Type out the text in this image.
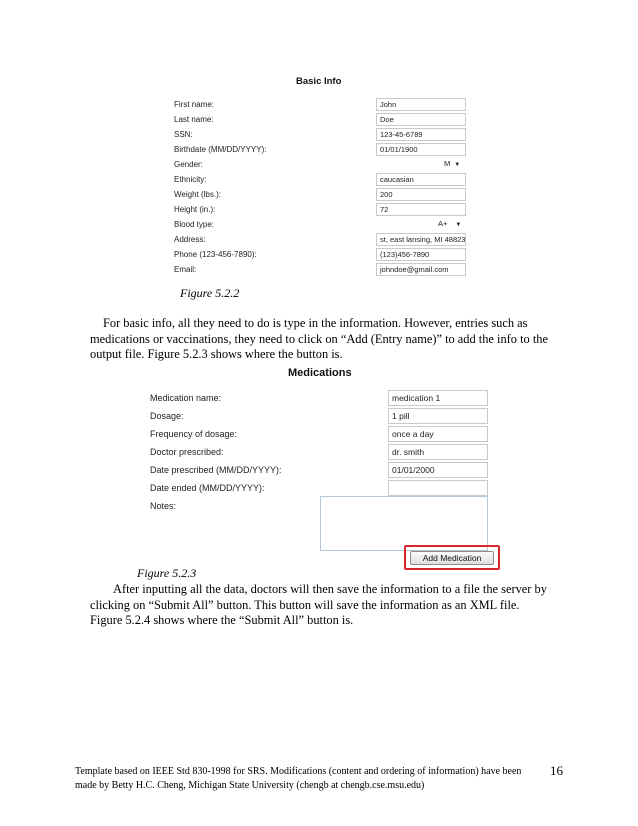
Basic Info
First name:	John
Last name:	Doe
SSN:	123-45-6789
Birthdate (MM/DD/YYYY):	01/01/1900
Gender:	M ▼
Ethnicity:	caucasian
Weight (lbs.):	200
Height (in.):	72
Blood type:	A+ ▼
Address:	st, east lansing, MI 48823
Phone (123-456-7890):	(123)456-7890
Email:	johndoe@gmail.com
Figure 5.2.2
For basic info, all they need to do is type in the information. However, entries such as
medications or vaccinations, they need to click on “Add (Entry name)” to add the info to the
output file. Figure 5.2.3 shows where the button is.
Medications
Medication name:	medication 1
Dosage:	1 pill
Frequency of dosage:	once a day
Doctor prescribed:	dr. smith
Date prescribed (MM/DD/YYYY):	01/01/2000
Date ended (MM/DD/YYYY):
Notes:
Add Medication
Figure 5.2.3
After inputting all the data, doctors will then save the information to a file the server by
clicking on “Submit All” button. This button will save the information as an XML file.
Figure 5.2.4 shows where the “Submit All” button is.
Template based on IEEE Std 830-1998 for SRS. Modifications (content and ordering of information) have been
made by Betty H.C. Cheng, Michigan State University (chengb at chengb.cse.msu.edu)
16
